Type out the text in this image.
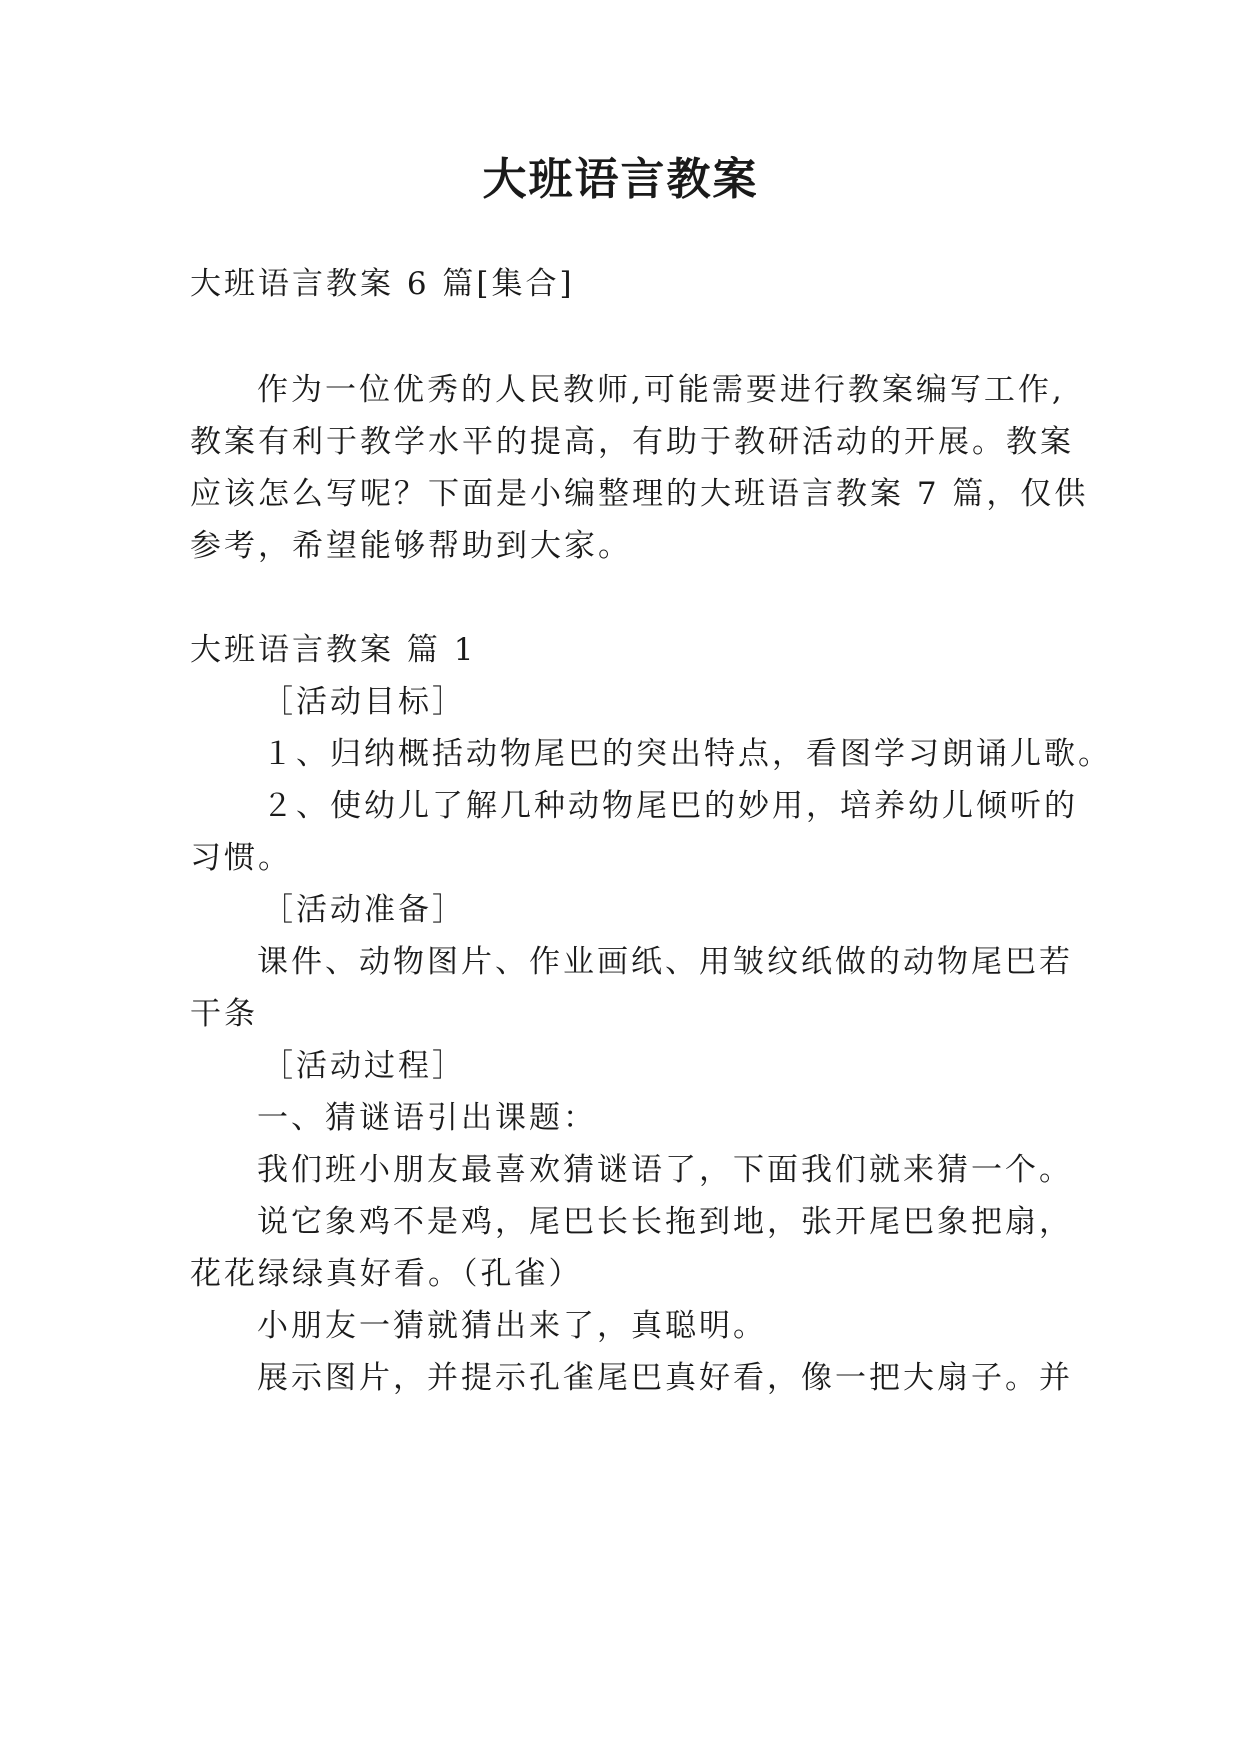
大班语言教案
大班语言教案 6 篇[集合]
作为一位优秀的人民教师,可能需要进行教案编写工作,
教案有利于教学水平的提高，有助于教研活动的开展。教案
应该怎么写呢？下面是小编整理的大班语言教案 7 篇，仅供
参考，希望能够帮助到大家。
大班语言教案 篇 1
［活动目标］
１、归纳概括动物尾巴的突出特点，看图学习朗诵儿歌。
２、使幼儿了解几种动物尾巴的妙用，培养幼儿倾听的
习惯。
［活动准备］
课件、动物图片、作业画纸、用皱纹纸做的动物尾巴若
干条
［活动过程］
一、猜谜语引出课题：
我们班小朋友最喜欢猜谜语了，下面我们就来猜一个。
说它象鸡不是鸡，尾巴长长拖到地，张开尾巴象把扇，
花花绿绿真好看。（孔雀）
小朋友一猜就猜出来了，真聪明。
展示图片，并提示孔雀尾巴真好看，像一把大扇子。并
